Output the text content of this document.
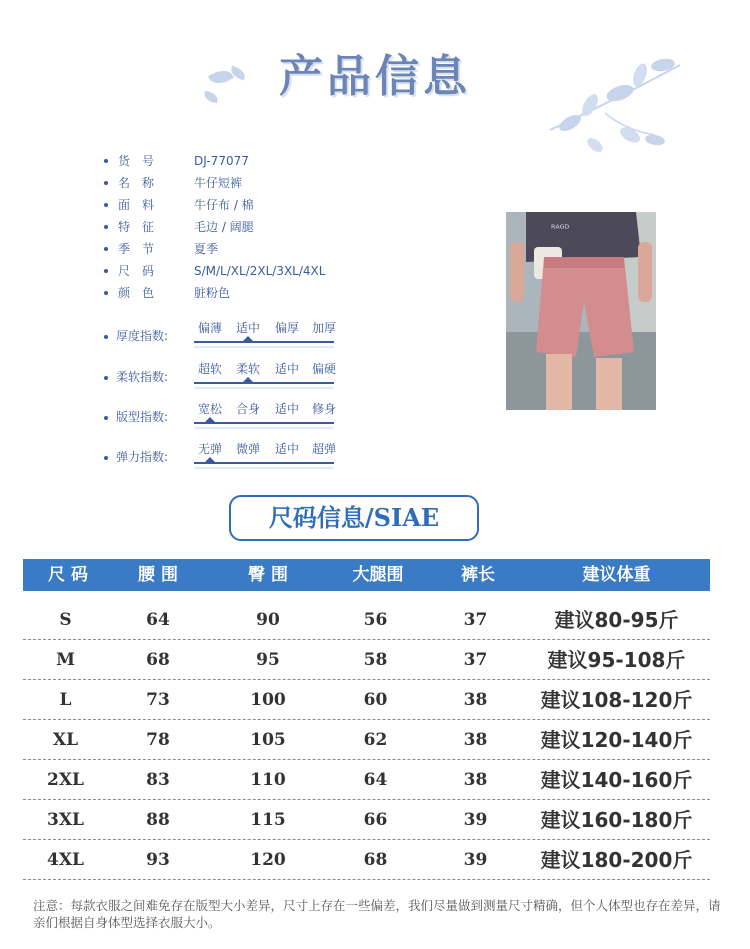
产品信息
货　号	DJ-77077
名　称	牛仔短裤
面　料	牛仔布 / 棉
特　征	毛边 / 阔腿
季　节	夏季
尺　码	S/M/L/XL/2XL/3XL/4XL
颜　色	脏粉色
厚度指数:
偏薄	适中	偏厚	加厚
柔软指数:
超软	柔软	适中	偏硬
版型指数:
宽松	合身	适中	修身
弹力指数:
无弹	微弹	适中	超弹
ᴿᴬᴳᴰ
尺码信息/SIAE
尺 码	腰 围	臀 围	大腿围	裤长	建议体重
S	64	90	56	37	建议80-95斤
M	68	95	58	37	建议95-108斤
L	73	100	60	38	建议108-120斤
XL	78	105	62	38	建议120-140斤
2XL	83	110	64	38	建议140-160斤
3XL	88	115	66	39	建议160-180斤
4XL	93	120	68	39	建议180-200斤
注意：每款衣服之间难免存在版型大小差异，尺寸上存在一些偏差，我们尽量做到测量尺寸精确，但个人体型也存在差异，请亲们根据自身体型选择衣服大小。
